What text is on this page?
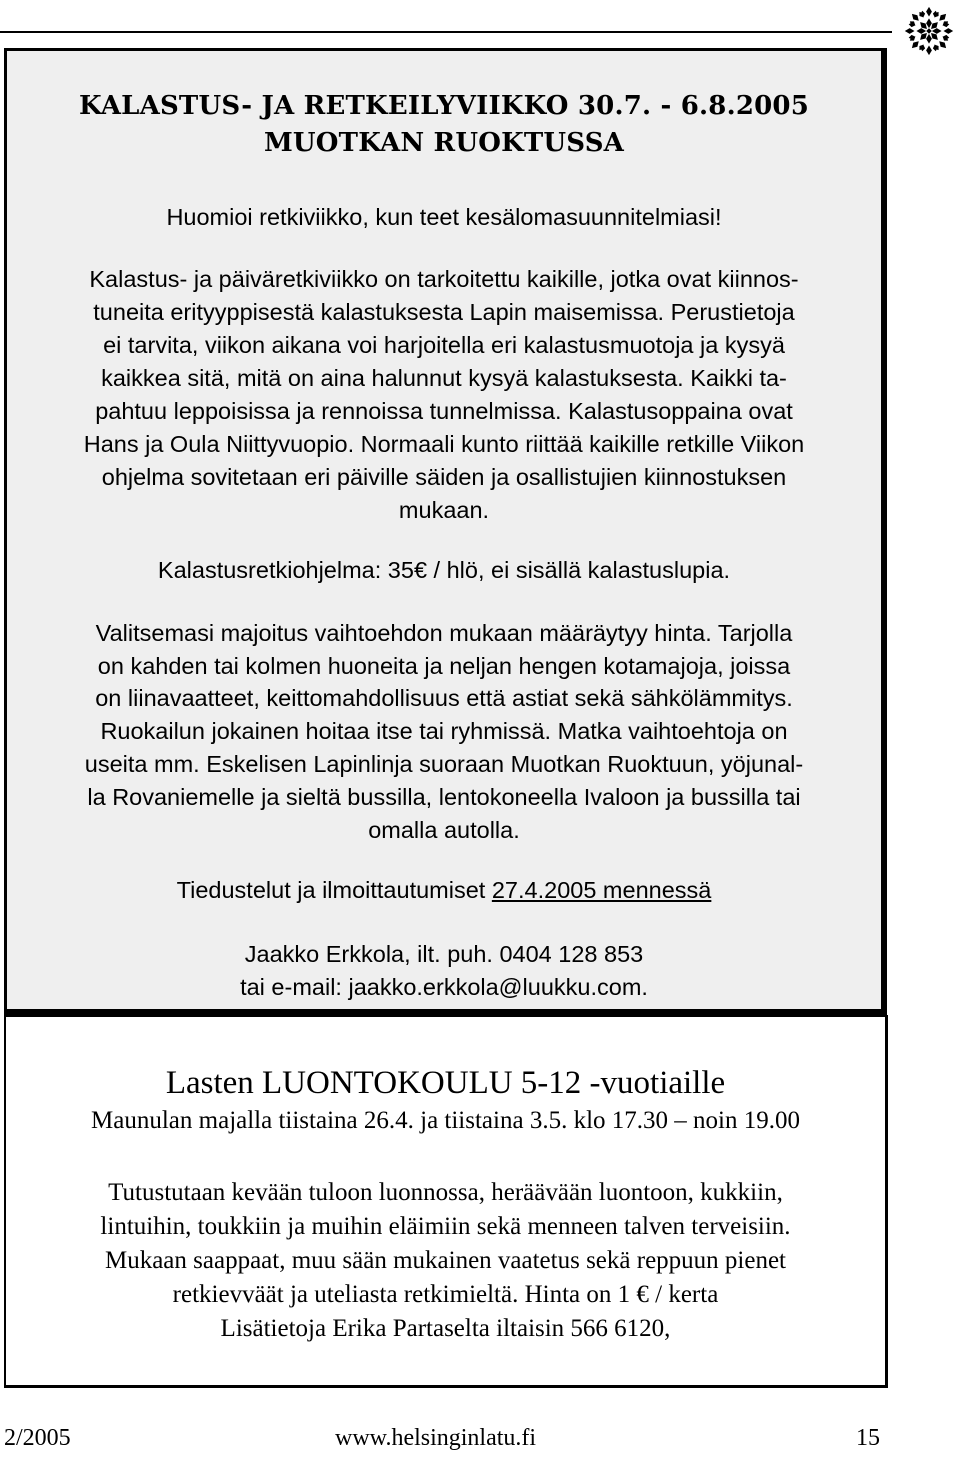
KALASTUS- JA RETKEILYVIIKKO 30.7. - 6.8.2005
MUOTKAN RUOKTUSSA
Huomioi retkiviikko, kun teet kesälomasuunnitelmiasi!
Kalastus- ja päiväretkiviikko on tarkoitettu kaikille, jotka ovat kiinnos-
tuneita erityyppisestä kalastuksesta Lapin maisemissa. Perustietoja
ei tarvita, viikon aikana voi harjoitella eri kalastusmuotoja ja kysyä
kaikkea sitä, mitä on aina halunnut kysyä kalastuksesta. Kaikki ta-
pahtuu leppoisissa ja rennoissa tunnelmissa. Kalastusoppaina ovat
Hans ja Oula Niittyvuopio. Normaali kunto riittää kaikille retkille Viikon
ohjelma sovitetaan eri päiville säiden ja osallistujien kiinnostuksen
mukaan.
Kalastusretkiohjelma: 35€ / hlö, ei sisällä kalastuslupia.
Valitsemasi majoitus vaihtoehdon mukaan määräytyy hinta. Tarjolla
on kahden tai kolmen huoneita ja neljan hengen kotamajoja, joissa
on liinavaatteet, keittomahdollisuus että astiat sekä sähkölämmitys.
Ruokailun jokainen hoitaa itse tai ryhmissä. Matka vaihtoehtoja on
useita mm. Eskelisen Lapinlinja suoraan Muotkan Ruoktuun, yöjunal-
la Rovaniemelle ja sieltä bussilla, lentokoneella Ivaloon ja bussilla tai
omalla autolla.
Tiedustelut ja ilmoittautumiset 27.4.2005 mennessä
Jaakko Erkkola, ilt. puh. 0404 128 853
tai e-mail: jaakko.erkkola@luukku.com.
Lasten LUONTOKOULU 5-12 -vuotiaille
Maunulan majalla tiistaina 26.4. ja tiistaina 3.5. klo 17.30 – noin 19.00
Tutustutaan kevään tuloon luonnossa, heräävään luontoon, kukkiin,
lintuihin, toukkiin ja muihin eläimiin sekä menneen talven terveisiin.
Mukaan saappaat, muu sään mukainen vaatetus sekä reppuun pienet
retkievväät ja uteliasta retkimieltä. Hinta on 1 € / kerta
Lisätietoja Erika Partaselta iltaisin 566 6120,
2/2005	www.helsinginlatu.fi	15
